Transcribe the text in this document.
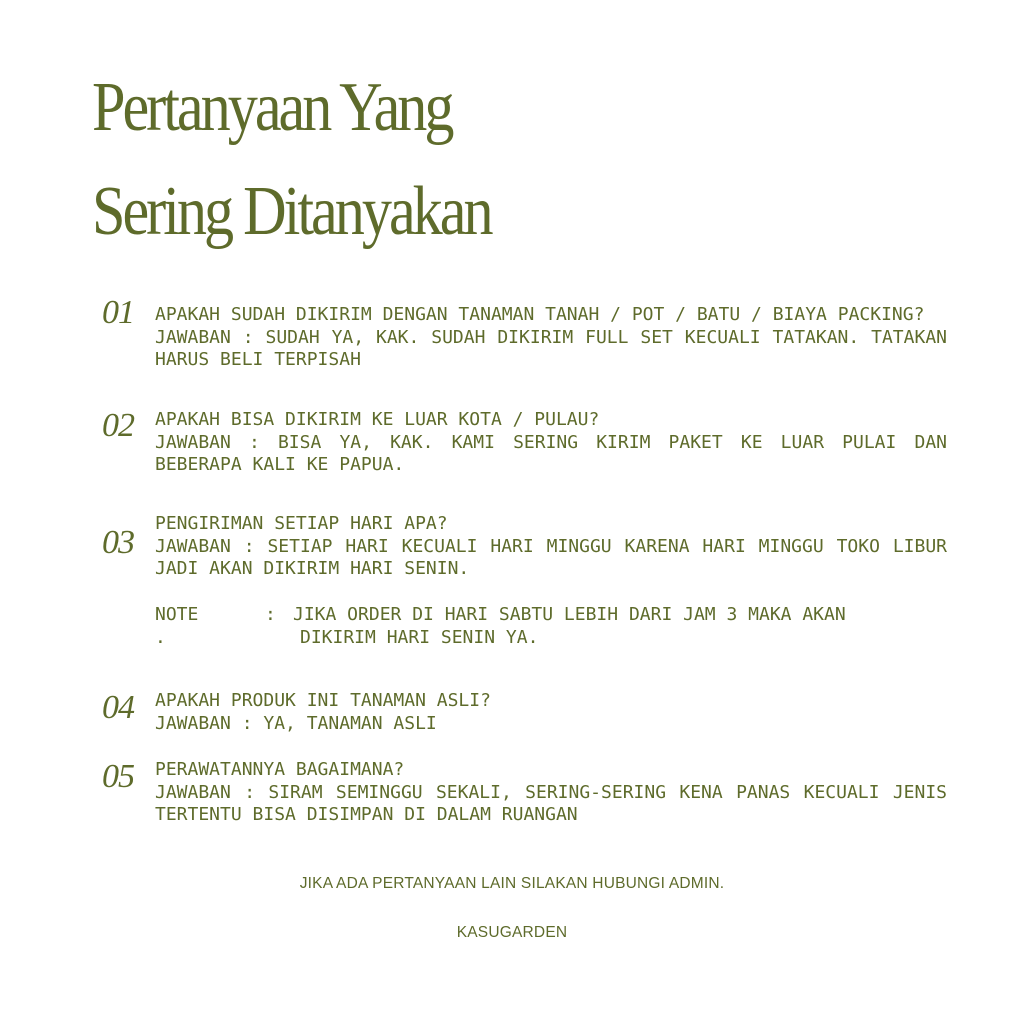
Pertanyaan Yang
Sering Ditanyakan
01 APAKAH SUDAH DIKIRIM DENGAN TANAMAN TANAH / POT / BATU / BIAYA PACKING?

JAWABAN : SUDAH YA, KAK. SUDAH DIKIRIM FULL SET KECUALI TATAKAN. TATAKAN HARUS BELI TERPISAH

02 APAKAH BISA DIKIRIM KE LUAR KOTA / PULAU?

JAWABAN : BISA YA, KAK. KAMI SERING KIRIM PAKET KE LUAR PULAI DAN BEBERAPA KALI KE PAPUA.

03

PENGIRIMAN SETIAP HARI APA?

JAWABAN : SETIAP HARI KECUALI HARI MINGGU KARENA HARI MINGGU TOKO LIBUR JADI AKAN DIKIRIM HARI SENIN.

NOTE	: JIKA ORDER DI HARI SABTU LEBIH DARI JAM 3 MAKA AKAN
DIKIRIM HARI SENIN YA.
.
04 APAKAH PRODUK INI TANAMAN ASLI?

JAWABAN : YA, TANAMAN ASLI

05 PERAWATANNYA BAGAIMANA?

JAWABAN : SIRAM SEMINGGU SEKALI, SERING-SERING KENA PANAS KECUALI JENIS TERTENTU BISA DISIMPAN DI DALAM RUANGAN

JIKA ADA PERTANYAAN LAIN SILAKAN HUBUNGI ADMIN.
KASUGARDEN
